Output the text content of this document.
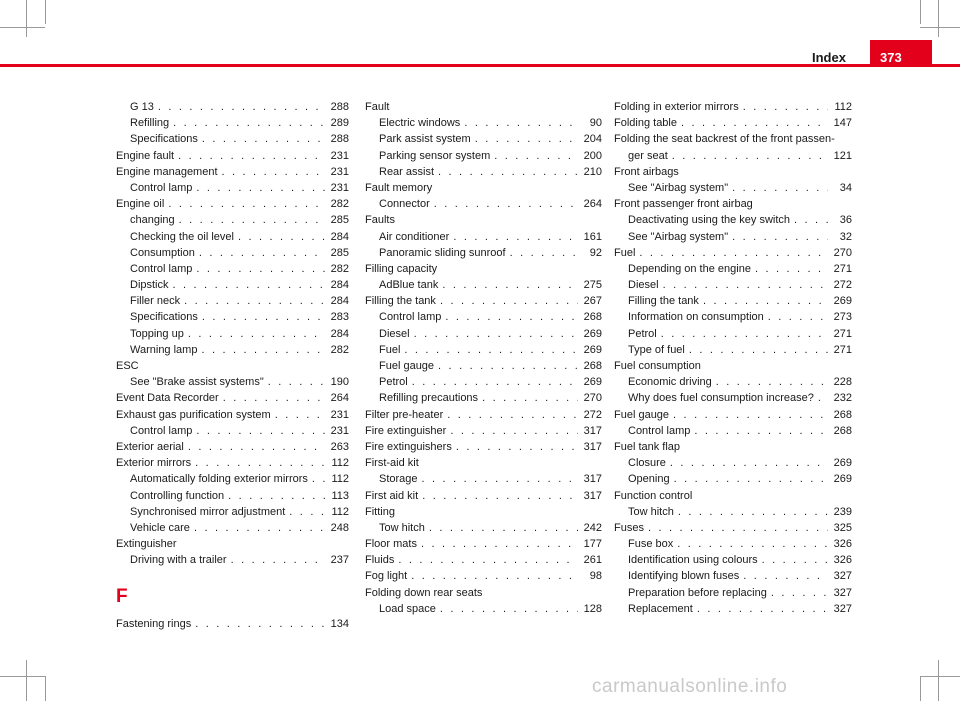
Index	373
G 13 . . .	288
Refilling . . .	289
Specifications . . .	288
Engine fault . . .	231
Engine management . . .	231
Control lamp . . .	231
Engine oil . . .	282
changing . . .	285
Checking the oil level . . .	284
Consumption . . .	285
Control lamp . . .	282
Dipstick . . .	284
Filler neck . . .	284
Specifications . . .	283
Topping up . . .	284
Warning lamp . . .	282
ESC
See "Brake assist systems" . . .	190
Event Data Recorder . . .	264
Exhaust gas purification system . . .	231
Control lamp . . .	231
Exterior aerial . . .	263
Exterior mirrors . . .	112
Automatically folding exterior mirrors . . . 112
Controlling function . . .	113
Synchronised mirror adjustment . . .	112
Vehicle care . . .	248
Extinguisher
Driving with a trailer . . .	237
F
Fastening rings . . .	134
Fault
Electric windows . . .	90
Park assist system . . .	204
Parking sensor system . . .	200
Rear assist . . .	210
Fault memory
Connector . . .	264
Faults
Air conditioner . . .	161
Panoramic sliding sunroof . . .	92
Filling capacity
AdBlue tank . . .	275
Filling the tank . . .	267
Control lamp . . .	268
Diesel . . .	269
Fuel . . .	269
Fuel gauge . . .	268
Petrol . . .	269
Refilling precautions . . .	270
Filter pre-heater . . .	272
Fire extinguisher . . .	317
Fire extinguishers . . .	317
First-aid kit
Storage . . .	317
First aid kit . . .	317
Fitting
Tow hitch . . .	242
Floor mats . . .	177
Fluids . . .	261
Fog light . . .	98
Folding down rear seats
Load space . . .	128
Folding in exterior mirrors . . .	112
Folding table . . .	147
Folding the seat backrest of the front passen-
ger seat . . .	121
Front airbags
See "Airbag system" . . .	34
Front passenger front airbag
Deactivating using the key switch . . .	36
See "Airbag system" . . .	32
Fuel . . .	270
Depending on the engine . . .	271
Diesel . . .	272
Filling the tank . . .	269
Information on consumption . . .	273
Petrol . . .	271
Type of fuel . . .	271
Fuel consumption
Economic driving . . .	228
Why does fuel consumption increase? . . . 232
Fuel gauge . . .	268
Control lamp . . .	268
Fuel tank flap
Closure . . .	269
Opening . . .	269
Function control
Tow hitch . . .	239
Fuses . . .	325
Fuse box . . .	326
Identification using colours . . .	326
Identifying blown fuses . . .	327
Preparation before replacing . . .	327
Replacement . . .	327
carmanualsonline.info
